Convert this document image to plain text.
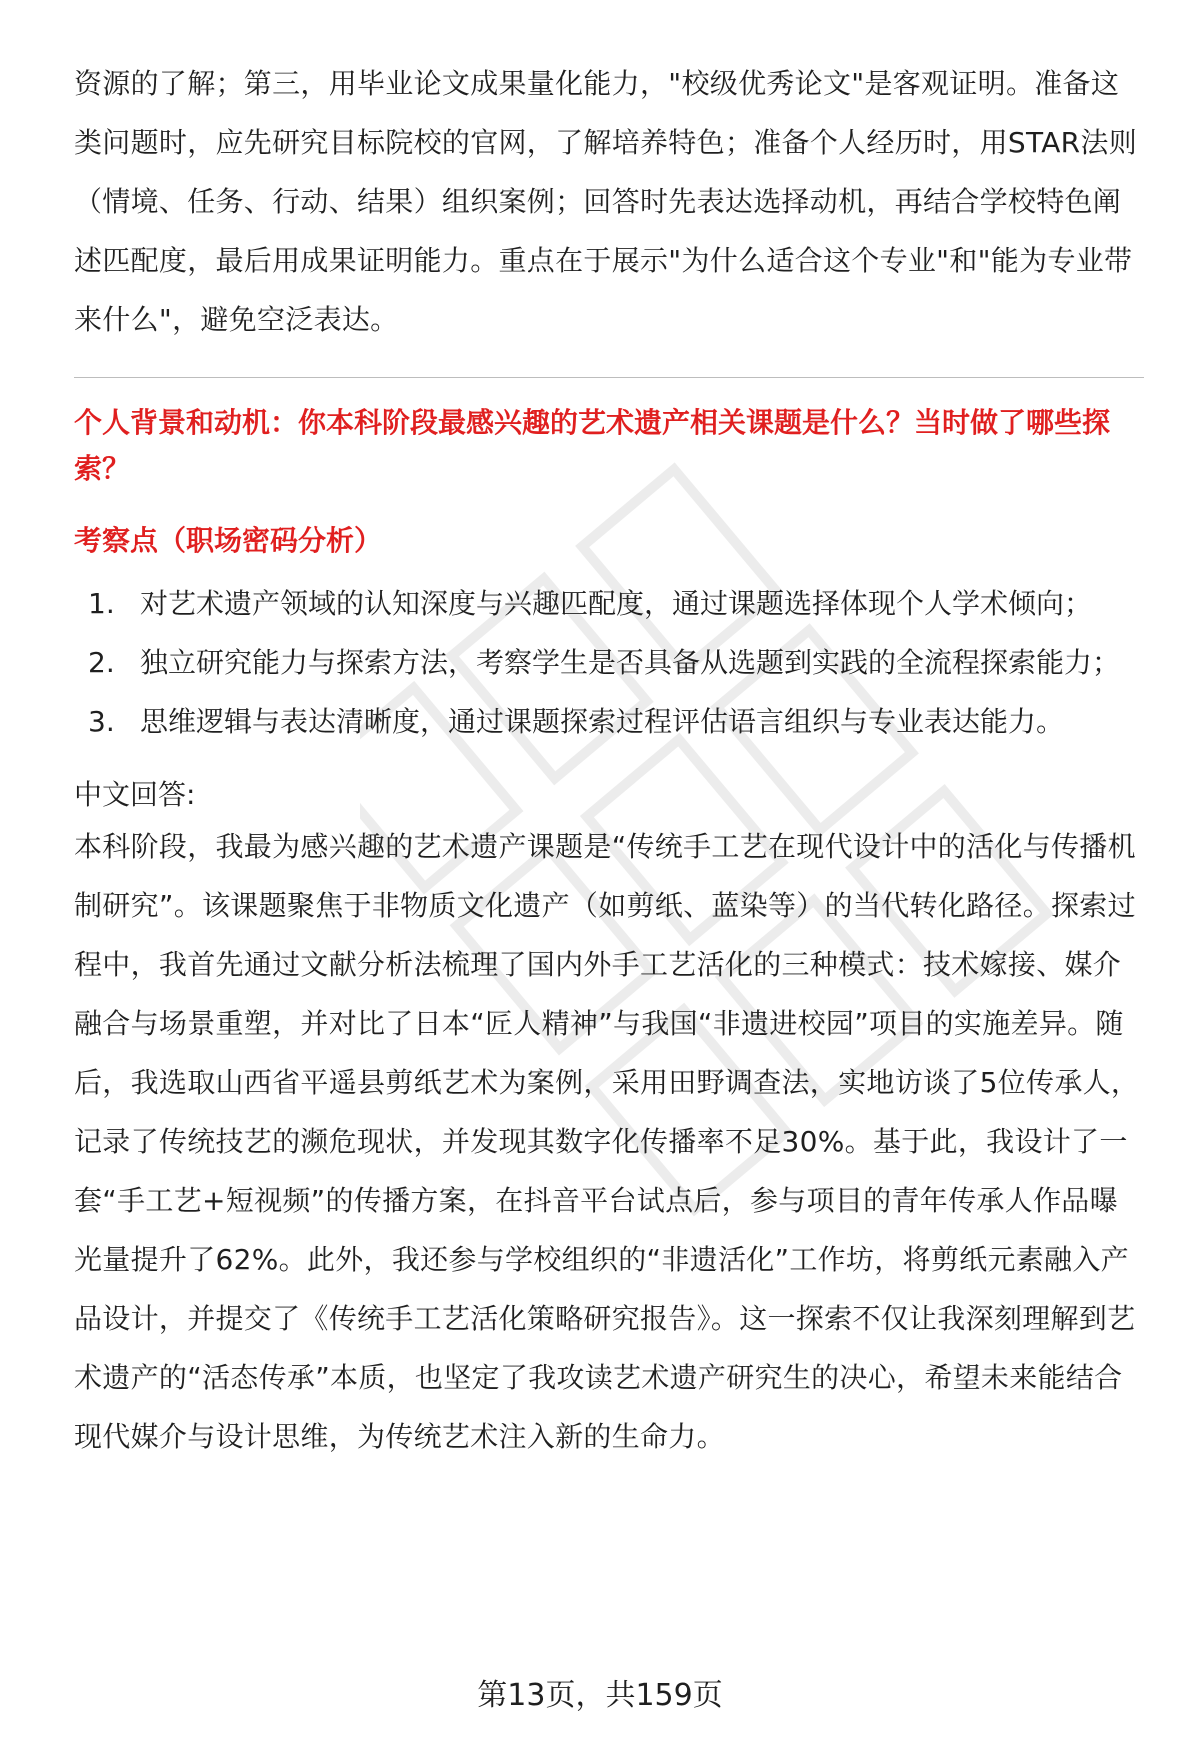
资源的了解；第三，用毕业论文成果量化能力，"校级优秀论文"是客观证明。准备这类问题时，应先研究目标院校的官网，了解培养特色；准备个人经历时，用STAR法则（情境、任务、行动、结果）组织案例；回答时先表达选择动机，再结合学校特色阐述匹配度，最后用成果证明能力。重点在于展示"为什么适合这个专业"和"能为专业带来什么"，避免空泛表达。

个人背景和动机：你本科阶段最感兴趣的艺术遗产相关课题是什么？当时做了哪些探索？

考察点（职场密码分析）

1. 对艺术遗产领域的认知深度与兴趣匹配度，通过课题选择体现个人学术倾向；
2. 独立研究能力与探索方法，考察学生是否具备从选题到实践的全流程探索能力；
3. 思维逻辑与表达清晰度，通过课题探索过程评估语言组织与专业表达能力。

中文回答:

本科阶段，我最为感兴趣的艺术遗产课题是“传统手工艺在现代设计中的活化与传播机制研究”。该课题聚焦于非物质文化遗产（如剪纸、蓝染等）的当代转化路径。探索过程中，我首先通过文献分析法梳理了国内外手工艺活化的三种模式：技术嫁接、媒介融合与场景重塑，并对比了日本“匠人精神”与我国“非遗进校园”项目的实施差异。随后，我选取山西省平遥县剪纸艺术为案例，采用田野调查法，实地访谈了5位传承人，记录了传统技艺的濒危现状，并发现其数字化传播率不足30%。基于此，我设计了一套“手工艺+短视频”的传播方案，在抖音平台试点后，参与项目的青年传承人作品曝光量提升了62%。此外，我还参与学校组织的“非遗活化”工作坊，将剪纸元素融入产品设计，并提交了《传统手工艺活化策略研究报告》。这一探索不仅让我深刻理解到艺术遗产的“活态传承”本质，也坚定了我攻读艺术遗产研究生的决心，希望未来能结合现代媒介与设计思维，为传统艺术注入新的生命力。

第13页，共159页
